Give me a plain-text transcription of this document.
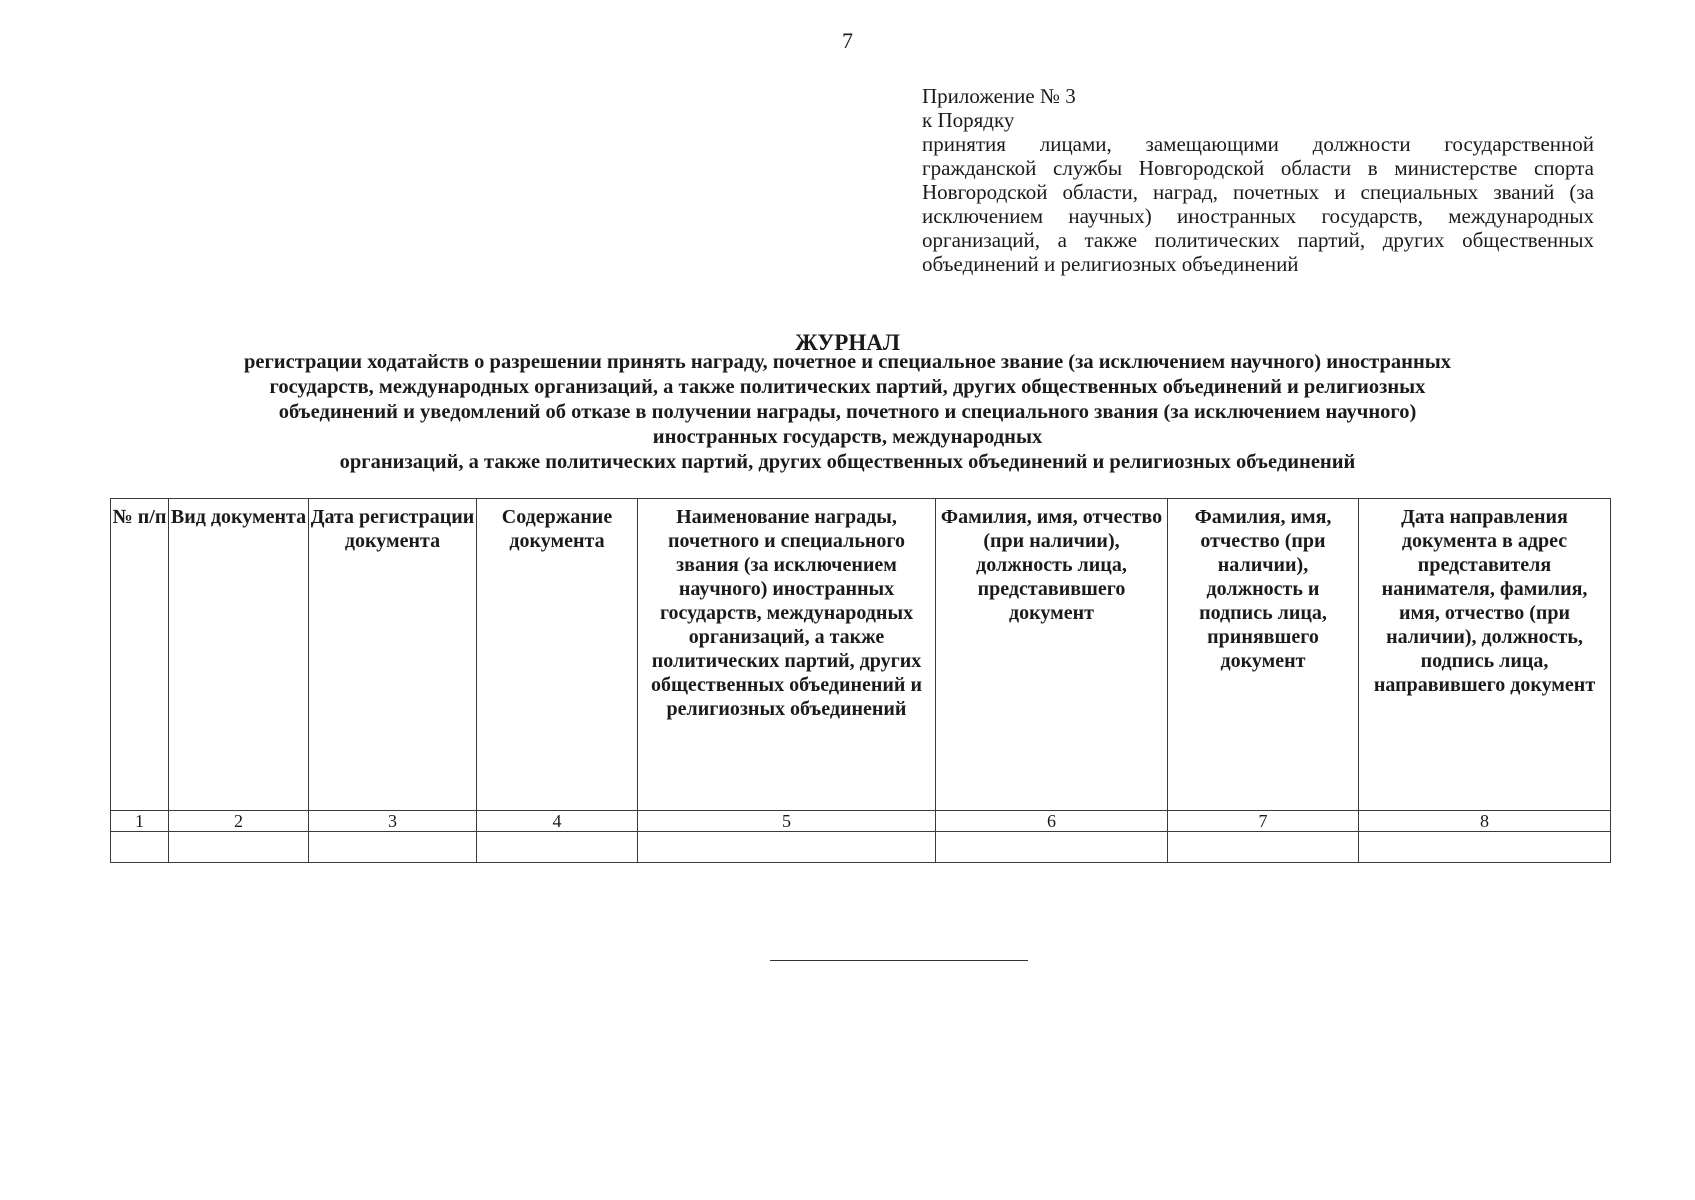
7
Приложение № 3
к Порядку
принятия лицами, замещающими должности государственной гражданской службы Новгородской области в министерстве спорта Новгородской области, наград, почетных и специальных званий (за исключением научных) иностранных государств, международных организаций, а также политических партий, других общественных объединений и религиозных объединений
ЖУРНАЛ
регистрации ходатайств о разрешении принять награду, почетное и специальное звание (за исключением научного) иностранных
государств, международных организаций, а также политических партий, других общественных объединений и религиозных
объединений и уведомлений об отказе в получении награды, почетного и специального звания (за исключением научного)
иностранных государств, международных
организаций, а также политических партий, других общественных объединений и религиозных объединений
№ п/п	Вид документа	Дата регистрации документа	Содержание документа	Наименование награды, почетного и специального звания (за исключением научного) иностранных государств, международных организаций, а также политических партий, других общественных объединений и религиозных объединений	Фамилия, имя, отчество (при наличии), должность лица, представившего документ	Фамилия, имя, отчество (при наличии), должность и подпись лица, принявшего документ	Дата направления документа в адрес представителя нанимателя, фамилия, имя, отчество (при наличии), должность, подпись лица, направившего документ
1	2	3	4	5	6	7	8
